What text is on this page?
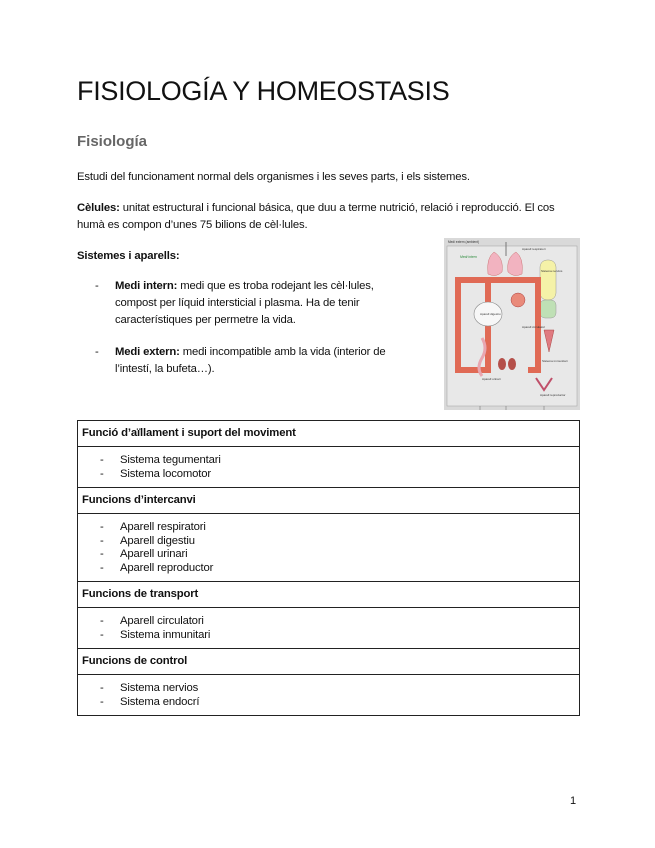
FISIOLOGÍA Y HOMEOSTASIS
Fisiología

Estudi del funcionament normal dels organismes i les seves parts, i els sistemes.

Cèlules: unitat estructural i funcional básica, que duu a terme nutrició, relació i reproducció. El cos humà es compon d’unes 75 bilions de cèl·lules.

Sistemes i aparells:

- Medi intern: medi que es troba rodejant les cèl·lules, compost per líquid intersticial i plasma. Ha de tenir característiques per permetre la vida.
- Medi extern: medi incompatible amb la vida (interior de l’intestí, la bufeta…).
Medi extern (ambient)
Medi intern
Aparell respiratori
Sistema nerviós
Aparell digestiu
Aparell circulatori
Aparell urinari
Sistema immunitari
Aparell reproductor
Funció d’aïllament i suport del moviment

- Sistema tegumentari
- Sistema locomotor

Funcions d’intercanvi

- Aparell respiratori
- Aparell digestiu
- Aparell urinari
- Aparell reproductor

Funcions de transport

- Aparell circulatori
- Sistema inmunitari

Funcions de control

- Sistema nervios
- Sistema endocrí
1
